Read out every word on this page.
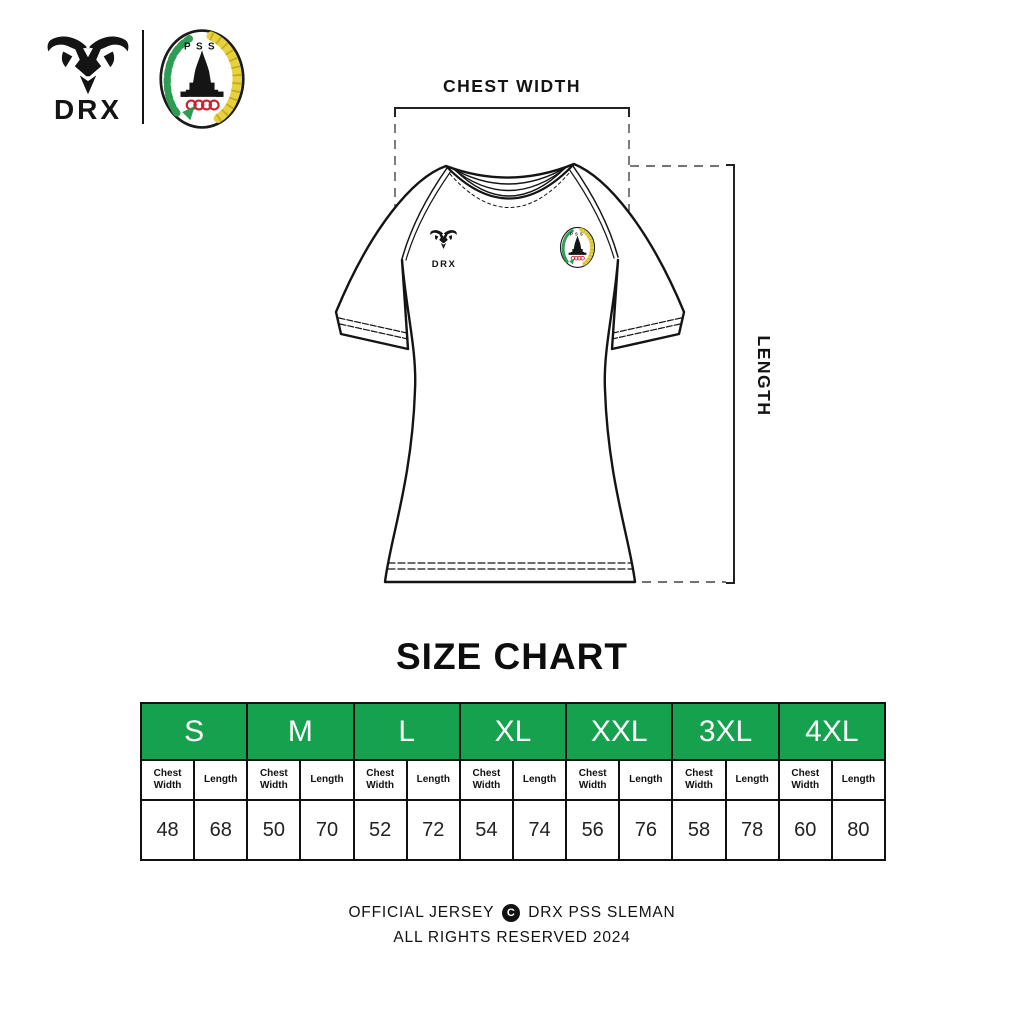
DRX
CHEST WIDTH
LENGTH
DRX
SIZE CHART
S		M		L		XL		XXL		3XL		4XL	
Chest Width	Length	Chest Width	Length	Chest Width	Length	Chest Width	Length	Chest Width	Length	Chest Width	Length	Chest Width	Length
48	68	50	70	52	72	54	74	56	76	58	78	60	80
OFFICIAL JERSEY	C DRX PSS SLEMAN
ALL RIGHTS RESERVED 2024
